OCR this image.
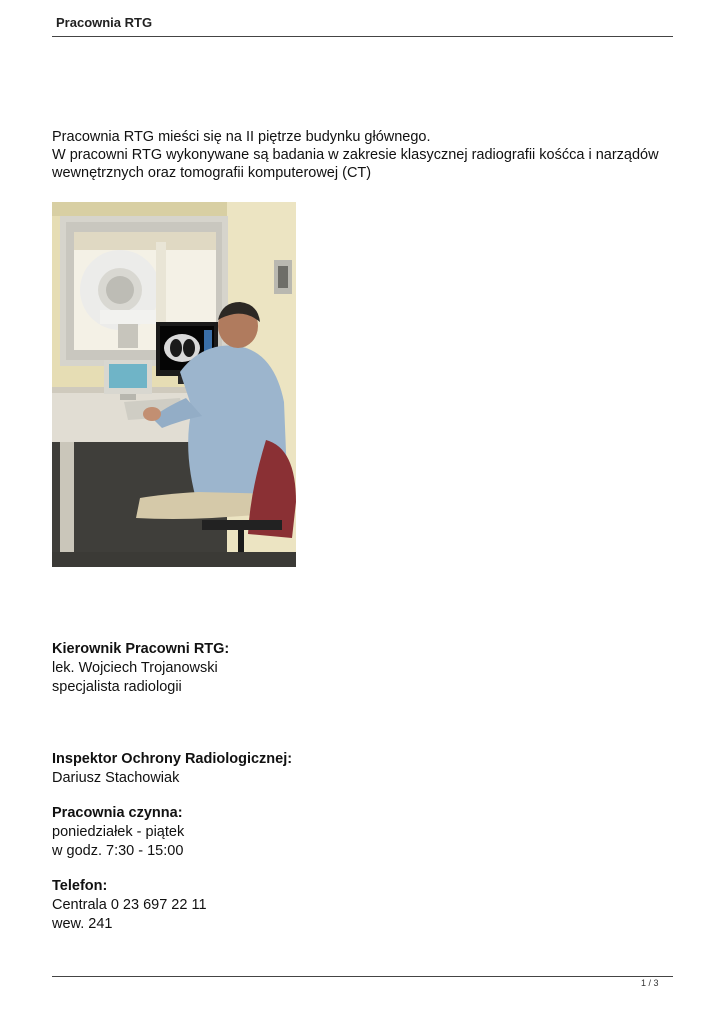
Pracownia RTG

Pracownia RTG mieści się na II piętrze budynku głównego.

W pracowni RTG wykonywane są badania w zakresie klasycznej radiografii kośćca i narządów wewnętrznych oraz tomografii komputerowej (CT)

Kierownik Pracowni RTG:
lek. Wojciech Trojanowski
specjalista radiologii
Inspektor Ochrony Radiologicznej:
Dariusz Stachowiak
Pracownia czynna:
poniedziałek - piątek
w godz. 7:30 - 15:00
Telefon:
Centrala 0 23 697 22 11
wew. 241
1 / 3
